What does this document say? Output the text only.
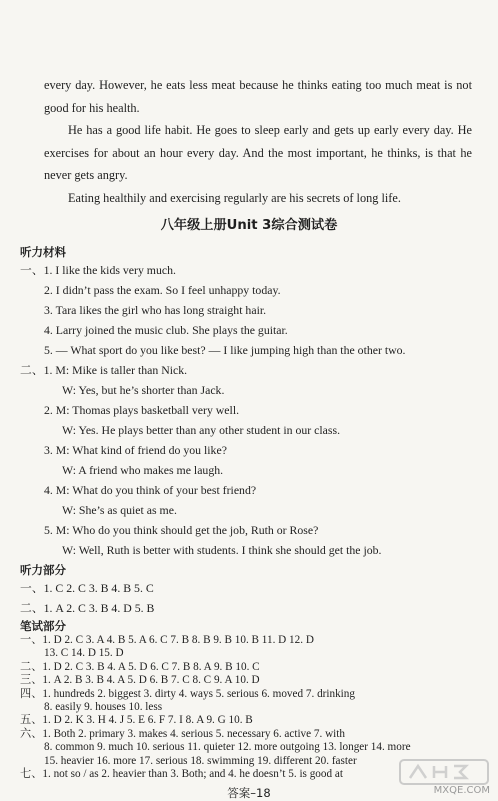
every day. However, he eats less meat because he thinks eating too much meat is not good for his health.

He has a good life habit. He goes to sleep early and gets up early every day. He exercises for about an hour every day. And the most important, he thinks, is that he never gets angry.

Eating healthily and exercising regularly are his secrets of long life.

八年级上册Unit 3综合测试卷
听力材料
一、1. I like the kids very much.
2. I didn’t pass the exam. So I feel unhappy today.
3. Tara likes the girl who has long straight hair.
4. Larry joined the music club. She plays the guitar.
5. — What sport do you like best? — I like jumping high than the other two.
二、1. M: Mike is taller than Nick.
W: Yes, but he’s shorter than Jack.
2. M: Thomas plays basketball very well.
W: Yes. He plays better than any other student in our class.
3. M: What kind of friend do you like?
W: A friend who makes me laugh.
4. M: What do you think of your best friend?
W: She’s as quiet as me.
5. M: Who do you think should get the job, Ruth or Rose?
W: Well, Ruth is better with students. I think she should get the job.
听力部分
一、1. C 2. C 3. B 4. B 5. C
二、1. A 2. C 3. B 4. D 5. B
笔试部分
一、1. D 2. C 3. A 4. B 5. A 6. C 7. B 8. B 9. B 10. B 11. D 12. D
13. C 14. D 15. D
二、1. D 2. C 3. B 4. A 5. D 6. C 7. B 8. A 9. B 10. C
三、1. A 2. B 3. B 4. A 5. D 6. B 7. C 8. C 9. A 10. D
四、1. hundreds 2. biggest 3. dirty 4. ways 5. serious 6. moved 7. drinking
8. easily 9. houses 10. less
五、1. D 2. K 3. H 4. J 5. E 6. F 7. I 8. A 9. G 10. B
答案–18	MXQE.COM
六、1. Both 2. primary 3. makes 4. serious 5. necessary 6. active 7. with
8. common 9. much 10. serious 11. quieter 12. more outgoing 13. longer 14. more
15. heavier 16. more 17. serious 18. swimming 19. different 20. faster
七、1. not so / as 2. heavier than 3. Both; and 4. he doesn’t 5. is good at
